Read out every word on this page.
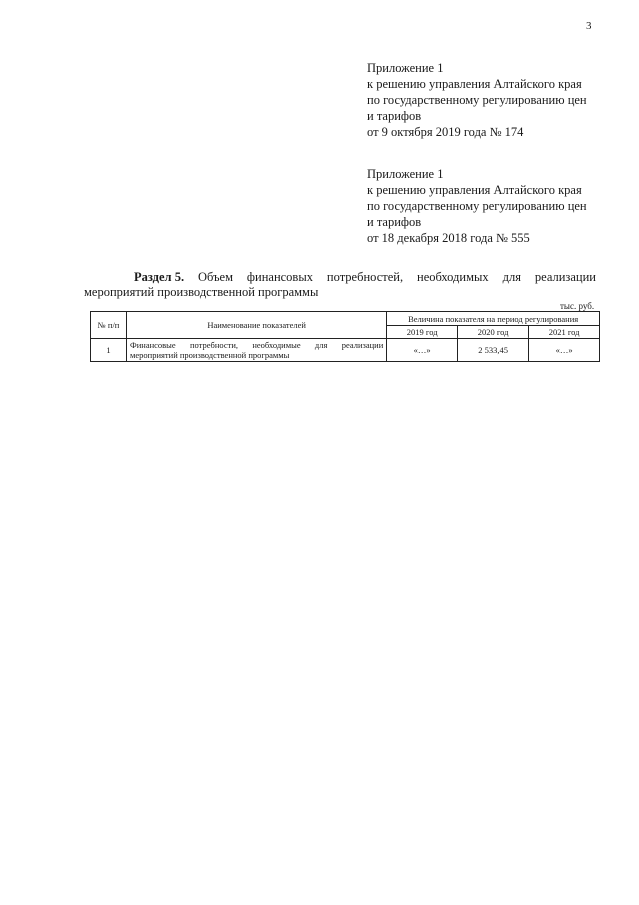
3
Приложение 1
к решению управления Алтайского края
по государственному регулированию цен
и тарифов
от 9 октября 2019 года № 174
Приложение 1
к решению управления Алтайского края
по государственному регулированию цен
и тарифов
от 18 декабря 2018 года № 555
Раздел 5. Объем финансовых потребностей, необходимых для реализации
мероприятий производственной программы
тыс. руб.
№ п/п	Наименование показателей	Величина показателя на период регулирования		
		2019 год	2020 год	2021 год
1	Финансовые потребности, необходимые для реализации мероприятий производственной программы	«…»	2 533,45	«…»
